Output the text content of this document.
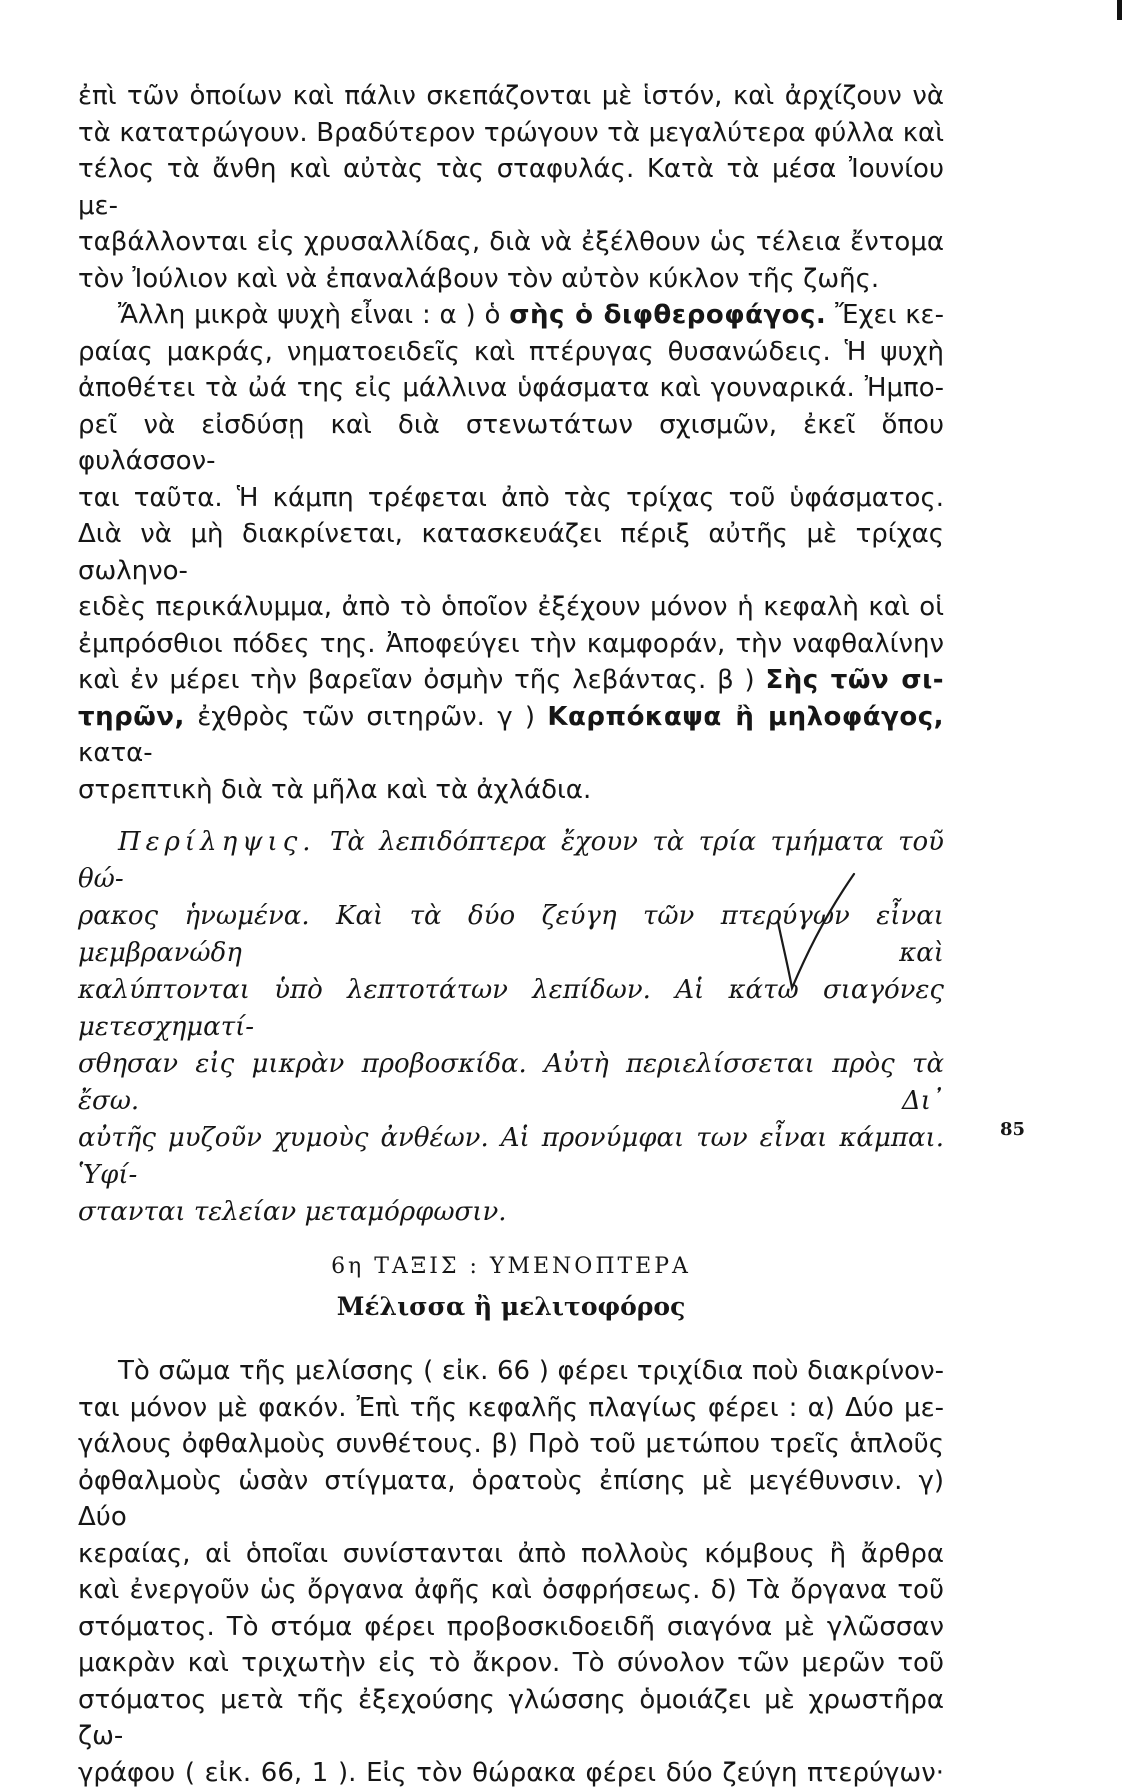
ἐπὶ τῶν ὁποίων καὶ πάλιν σκεπάζονται μὲ ἱστόν, καὶ ἀρχίζουν νὰ

τὰ κατατρώγουν. Βραδύτερον τρώγουν τὰ μεγαλύτερα φύλλα καὶ

τέλος τὰ ἄνθη καὶ αὐτὰς τὰς σταφυλάς. Κατὰ τὰ μέσα Ἰουνίου με-

ταβάλλονται εἰς χρυσαλλίδας, διὰ νὰ ἐξέλθουν ὡς τέλεια ἔντομα

τὸν Ἰούλιον καὶ νὰ ἐπαναλάβουν τὸν αὐτὸν κύκλον τῆς ζωῆς.

Ἄλλη μικρὰ ψυχὴ εἶναι : α ) ὁ σὴς ὁ διφθεροφάγος. Ἔχει κε-

ραίας μακράς, νηματοειδεῖς καὶ πτέρυγας θυσανώδεις. Ἡ ψυχὴ

ἀποθέτει τὰ ὠά της εἰς μάλλινα ὑφάσματα καὶ γουναρικά. Ἠμπο-

ρεῖ νὰ εἰσδύσῃ καὶ διὰ στενωτάτων σχισμῶν, ἐκεῖ ὅπου φυλάσσον-

ται ταῦτα. Ἡ κάμπη τρέφεται ἀπὸ τὰς τρίχας τοῦ ὑφάσματος.

Διὰ νὰ μὴ διακρίνεται, κατασκευάζει πέριξ αὐτῆς μὲ τρίχας σωληνο-

ειδὲς περικάλυμμα, ἀπὸ τὸ ὁποῖον ἐξέχουν μόνον ἡ κεφαλὴ καὶ οἱ

ἐμπρόσθιοι πόδες της. Ἀποφεύγει τὴν καμφοράν, τὴν ναφθαλίνην

καὶ ἐν μέρει τὴν βαρεῖαν ὀσμὴν τῆς λεβάντας. β ) Σὴς τῶν σι-

τηρῶν, ἐχθρὸς τῶν σιτηρῶν. γ ) Καρπόκαψα ἢ μηλοφάγος, κατα-

στρεπτικὴ διὰ τὰ μῆλα καὶ τὰ ἀχλάδια.

Περίληψις. Τὰ λεπιδόπτερα ἔχουν τὰ τρία τμήματα τοῦ θώ-

ρακος ἡνωμένα. Καὶ τὰ δύο ζεύγη τῶν πτερύγων εἶναι μεμβρανώδη καὶ

καλύπτονται ὑπὸ λεπτοτάτων λεπίδων. Αἱ κάτω σιαγόνες μετεσχηματί-

σθησαν εἰς μικρὰν προβοσκίδα. Αὐτὴ περιελίσσεται πρὸς τὰ ἔσω. Δι᾿

αὐτῆς μυζοῦν χυμοὺς ἀνθέων. Αἱ προνύμφαι των εἶναι κάμπαι. Ὑφί-

στανται τελείαν μεταμόρφωσιν.

6η ΤΑΞΙΣ : ΥΜΕΝΟΠΤΕΡΑ
Μέλισσα ἢ μελιτοφόρος

Τὸ σῶμα τῆς μελίσσης ( εἰκ. 66 ) φέρει τριχίδια ποὺ διακρίνον-

ται μόνον μὲ φακόν. Ἐπὶ τῆς κεφαλῆς πλαγίως φέρει : α) Δύο με-

γάλους ὀφθαλμοὺς συνθέτους. β) Πρὸ τοῦ μετώπου τρεῖς ἁπλοῦς

ὀφθαλμοὺς ὡσὰν στίγματα, ὁρατοὺς ἐπίσης μὲ μεγέθυνσιν. γ) Δύο

κεραίας, αἱ ὁποῖαι συνίστανται ἀπὸ πολλοὺς κόμβους ἢ ἄρθρα

καὶ ἐνεργοῦν ὡς ὄργανα ἀφῆς καὶ ὀσφρήσεως. δ) Τὰ ὄργανα τοῦ

στόματος. Τὸ στόμα φέρει προβοσκιδοειδῆ σιαγόνα μὲ γλῶσσαν

μακρὰν καὶ τριχωτὴν εἰς τὸ ἄκρον. Τὸ σύνολον τῶν μερῶν τοῦ

στόματος μετὰ τῆς ἐξεχούσης γλώσσης ὁμοιάζει μὲ χρωστῆρα ζω-

γράφου ( εἰκ. 66, 1 ). Εἰς τὸν θώρακα φέρει δύο ζεύγη πτερύγων·

85
